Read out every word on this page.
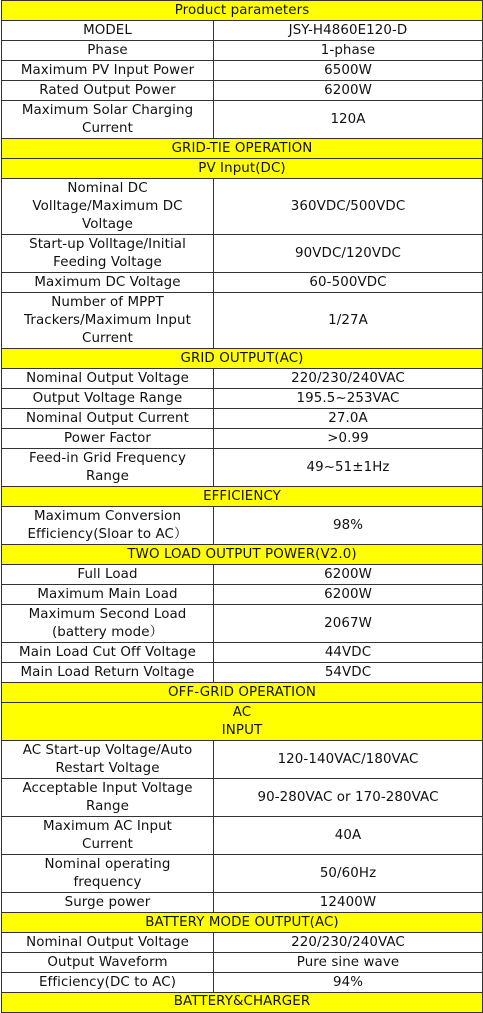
Product parameters	
MODEL	JSY-H4860E120-D
Phase	1-phase
Maximum PV Input Power	6500W
Rated Output Power	6200W
Maximum Solar Charging Current	120A
GRID-TIE OPERATION	
PV Input(DC)	
Nominal DC Volltage/Maximum DC Voltage	360VDC/500VDC
Start-up Volltage/Initial Feeding Voltage	90VDC/120VDC
Maximum DC Voltage	60-500VDC
Number of MPPT Trackers/Maximum Input Current	1/27A
GRID OUTPUT(AC)	
Nominal Output Voltage	220/230/240VAC
Output Voltage Range	195.5~253VAC
Nominal Output Current	27.0A
Power Factor	>0.99
Feed-in Grid Frequency Range	49~51±1Hz
EFFICIENCY	
Maximum Conversion Efficiency(Sloar to AC）	98%
TWO LOAD OUTPUT POWER(V2.0)	
Full Load	6200W
Maximum Main Load	6200W
Maximum Second Load (battery mode）	2067W
Main Load Cut Off Voltage	44VDC
Main Load Return Voltage	54VDC
OFF-GRID OPERATION	
AC
INPUT	
AC Start-up Voltage/Auto Restart Voltage	120-140VAC/180VAC
Acceptable Input Voltage Range	90-280VAC or 170-280VAC
Maximum AC Input Current	40A
Nominal operating frequency	50/60Hz
Surge power	12400W
BATTERY MODE OUTPUT(AC)	
Nominal Output Voltage	220/230/240VAC
Output Waveform	Pure sine wave
Efficiency(DC to AC)	94%
BATTERY&CHARGER	
